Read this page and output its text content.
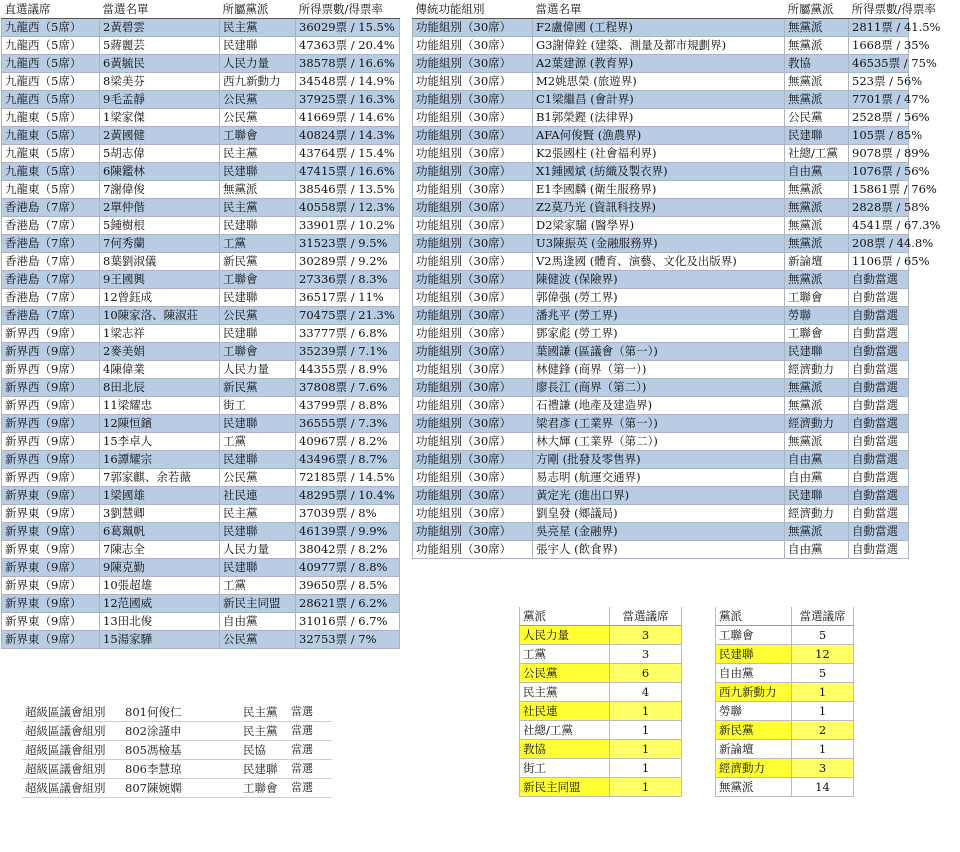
直選議席	當選名單	所屬黨派	所得票數/得票率
九龍西（5席）	2黃碧雲	民主黨	36029票 / 15.5%
九龍西（5席）	5蔣麗芸	民建聯	47363票 / 20.4%
九龍西（5席）	6黃毓民	人民力量	38578票 / 16.6%
九龍西（5席）	8梁美芬	西九新動力	34548票 / 14.9%
九龍西（5席）	9毛孟靜	公民黨	37925票 / 16.3%
九龍東（5席）	1梁家傑	公民黨	41669票 / 14.6%
九龍東（5席）	2黃國健	工聯會	40824票 / 14.3%
九龍東（5席）	5胡志偉	民主黨	43764票 / 15.4%
九龍東（5席）	6陳鑑林	民建聯	47415票 / 16.6%
九龍東（5席）	7謝偉俊	無黨派	38546票 / 13.5%
香港島（7席）	2單仲偕	民主黨	40558票 / 12.3%
香港島（7席）	5鍾樹根	民建聯	33901票 / 10.2%
香港島（7席）	7何秀蘭	工黨	31523票 / 9.5%
香港島（7席）	8葉劉淑儀	新民黨	30289票 / 9.2%
香港島（7席）	9王國興	工聯會	27336票 / 8.3%
香港島（7席）	12曾鈺成	民建聯	36517票 / 11%
香港島（7席）	10陳家洛、陳淑莊	公民黨	70475票 / 21.3%
新界西（9席）	1梁志祥	民建聯	33777票 / 6.8%
新界西（9席）	2麥美娟	工聯會	35239票 / 7.1%
新界西（9席）	4陳偉業	人民力量	44355票 / 8.9%
新界西（9席）	8田北辰	新民黨	37808票 / 7.6%
新界西（9席）	11梁耀忠	街工	43799票 / 8.8%
新界西（9席）	12陳恒鑌	民建聯	36555票 / 7.3%
新界西（9席）	15李卓人	工黨	40967票 / 8.2%
新界西（9席）	16譚耀宗	民建聯	43496票 / 8.7%
新界西（9席）	7郭家麒、余若薇	公民黨	72185票 / 14.5%
新界東（9席）	1梁國雄	社民連	48295票 / 10.4%
新界東（9席）	3劉慧卿	民主黨	37039票 / 8%
新界東（9席）	6葛珮帆	民建聯	46139票 / 9.9%
新界東（9席）	7陳志全	人民力量	38042票 / 8.2%
新界東（9席）	9陳克勤	民建聯	40977票 / 8.8%
新界東（9席）	10張超雄	工黨	39650票 / 8.5%
新界東（9席）	12范國威	新民主同盟	28621票 / 6.2%
新界東（9席）	13田北俊	自由黨	31016票 / 6.7%
新界東（9席）	15湯家驊	公民黨	32753票 / 7%
傳統功能組別	當選名單	所屬黨派	所得票數/得票率
功能組別（30席）	F2盧偉國 (工程界)	無黨派	2811票 / 41.5%
功能組別（30席）	G3謝偉銓 (建築、測量及都市規劃界)	無黨派	1668票 / 35%
功能組別（30席）	A2葉建源 (教育界)	教協	46535票 / 75%
功能組別（30席）	M2姚思榮 (旅遊界)	無黨派	523票 / 56%
功能組別（30席）	C1梁繼昌 (會計界)	無黨派	7701票 / 47%
功能組別（30席）	B1郭榮鏗 (法律界)	公民黨	2528票 / 56%
功能組別（30席）	AFA何俊賢 (漁農界)	民建聯	105票 / 85%
功能組別（30席）	K2張國柱 (社會福利界)	社總/工黨	9078票 / 89%
功能組別（30席）	X1鍾國斌 (紡織及製衣界)	自由黨	1076票 / 56%
功能組別（30席）	E1李國麟 (衛生服務界)	無黨派	15861票 / 76%
功能組別（30席）	Z2莫乃光 (資訊科技界)	無黨派	2828票 / 58%
功能組別（30席）	D2梁家騮 (醫學界)	無黨派	4541票 / 67.3%
功能組別（30席）	U3陳振英 (金融服務界)	無黨派	208票 / 44.8%
功能組別（30席）	V2馬逢國 (體育、演藝、文化及出版界)	新論壇	1106票 / 65%
功能組別（30席）	陳健波 (保險界)	無黨派	自動當選
功能組別（30席）	郭偉强 (勞工界)	工聯會	自動當選
功能組別（30席）	潘兆平 (勞工界)	勞聯	自動當選
功能組別（30席）	鄧家彪 (勞工界)	工聯會	自動當選
功能組別（30席）	葉國謙 (區議會（第一）)	民建聯	自動當選
功能組別（30席）	林健鋒 (商界（第一）)	經濟動力	自動當選
功能組別（30席）	廖長江 (商界（第二）)	無黨派	自動當選
功能組別（30席）	石禮謙 (地產及建造界)	無黨派	自動當選
功能組別（30席）	梁君彥 (工業界（第一）)	經濟動力	自動當選
功能組別（30席）	林大輝 (工業界（第二）)	無黨派	自動當選
功能組別（30席）	方剛 (批發及零售界)	自由黨	自動當選
功能組別（30席）	易志明 (航運交通界)	自由黨	自動當選
功能組別（30席）	黃定光 (進出口界)	民建聯	自動當選
功能組別（30席）	劉皇發 (鄉議局)	經濟動力	自動當選
功能組別（30席）	吳亮星 (金融界)	無黨派	自動當選
功能組別（30席）	張宇人 (飲食界)	自由黨	自動當選
黨派	當選議席
人民力量	3
工黨	3
公民黨	6
民主黨	4
社民連	1
社總/工黨	1
教協	1
街工	1
新民主同盟	1
黨派	當選議席
工聯會	5
民建聯	12
自由黨	5
西九新動力	1
勞聯	1
新民黨	2
新論壇	1
經濟動力	3
無黨派	14
超級區議會組別	801何俊仁	民主黨	當選
超級區議會組別	802涂謹申	民主黨	當選
超級區議會組別	805馮檢基	民協	當選
超級區議會組別	806李慧琼	民建聯	當選
超級區議會組別	807陳婉嫻	工聯會	當選
